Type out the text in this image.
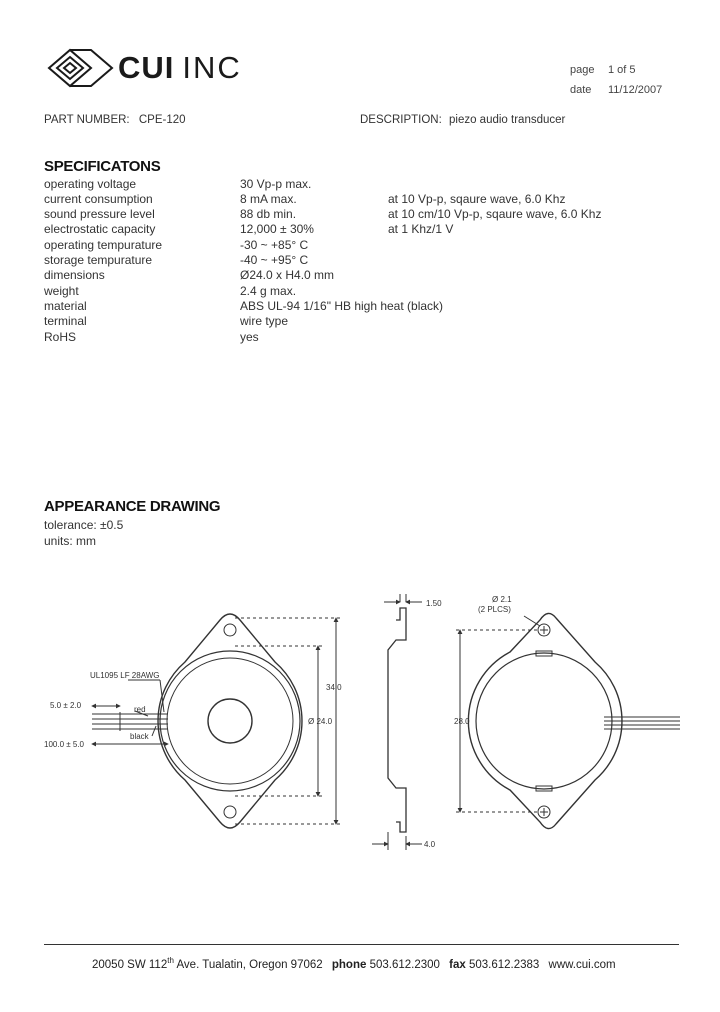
CUI INC	page 1 of 5
date 11/12/2007
PART NUMBER: CPE-120	DESCRIPTION: piezo audio transducer
SPECIFICATONS
operating voltage	30 Vp-p max.
current consumption	8 mA max.	at 10 Vp-p, sqaure wave, 6.0 Khz
sound pressure level	88 db min.	at 10 cm/10 Vp-p, sqaure wave, 6.0 Khz
electrostatic capacity	12,000 ± 30%	at 1 Khz/1 V
operating tempurature	-30 ~ +85° C
storage tempurature	-40 ~ +95° C
dimensions	Ø24.0 x H4.0 mm
weight	2.4 g max.
material	ABS UL-94 1/16" HB high heat (black)
terminal	wire type
RoHS	yes
APPEARANCE DRAWING
tolerance: ±0.5
units: mm
UL1095 LF 28AWG
5.0 ± 2.0	red
black
100.0 ± 5.0
34.0
Ø 24.0
1.50
4.0
Ø 2.1
(2 PLCS)
28.0
20050 SW 112th Ave. Tualatin, Oregon 97062 phone 503.612.2300 fax 503.612.2383 www.cui.com
